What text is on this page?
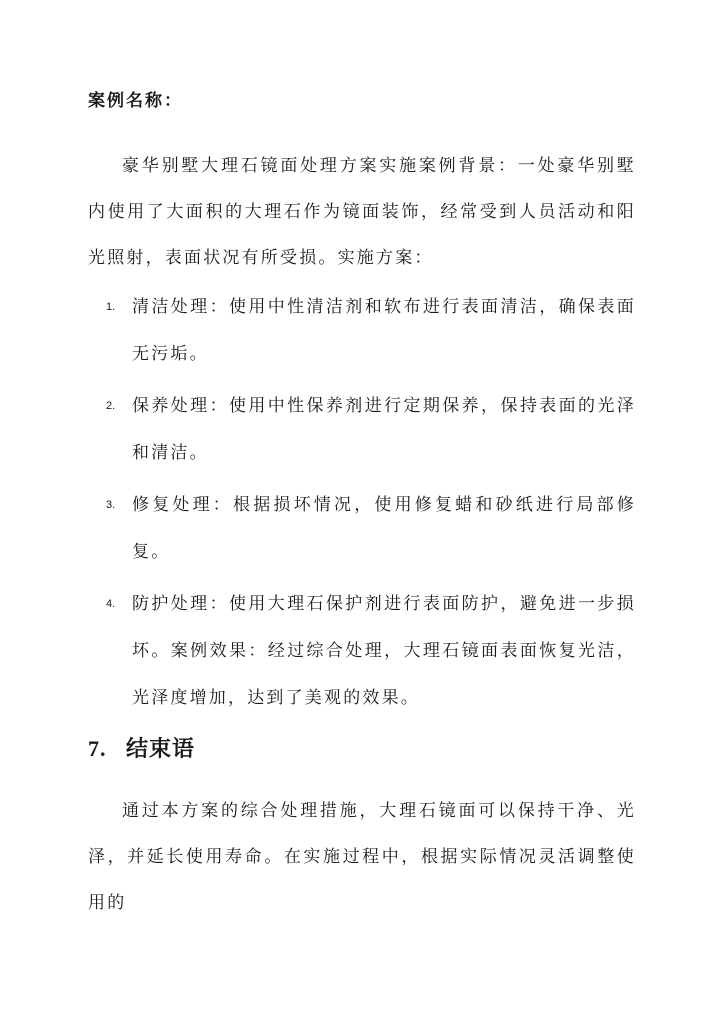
案例名称：

豪华别墅大理石镜面处理方案实施案例背景：一处豪华别墅内使用了大面积的大理石作为镜面装饰，经常受到人员活动和阳光照射，表面状况有所受损。实施方案：

1. 清洁处理：使用中性清洁剂和软布进行表面清洁，确保表面无污垢。
2. 保养处理：使用中性保养剂进行定期保养，保持表面的光泽和清洁。
3. 修复处理：根据损坏情况，使用修复蜡和砂纸进行局部修复。
4. 防护处理：使用大理石保护剂进行表面防护，避免进一步损坏。案例效果：经过综合处理，大理石镜面表面恢复光洁，光泽度增加，达到了美观的效果。
7. 结束语

通过本方案的综合处理措施，大理石镜面可以保持干净、光泽，并延长使用寿命。在实施过程中，根据实际情况灵活调整使用的
